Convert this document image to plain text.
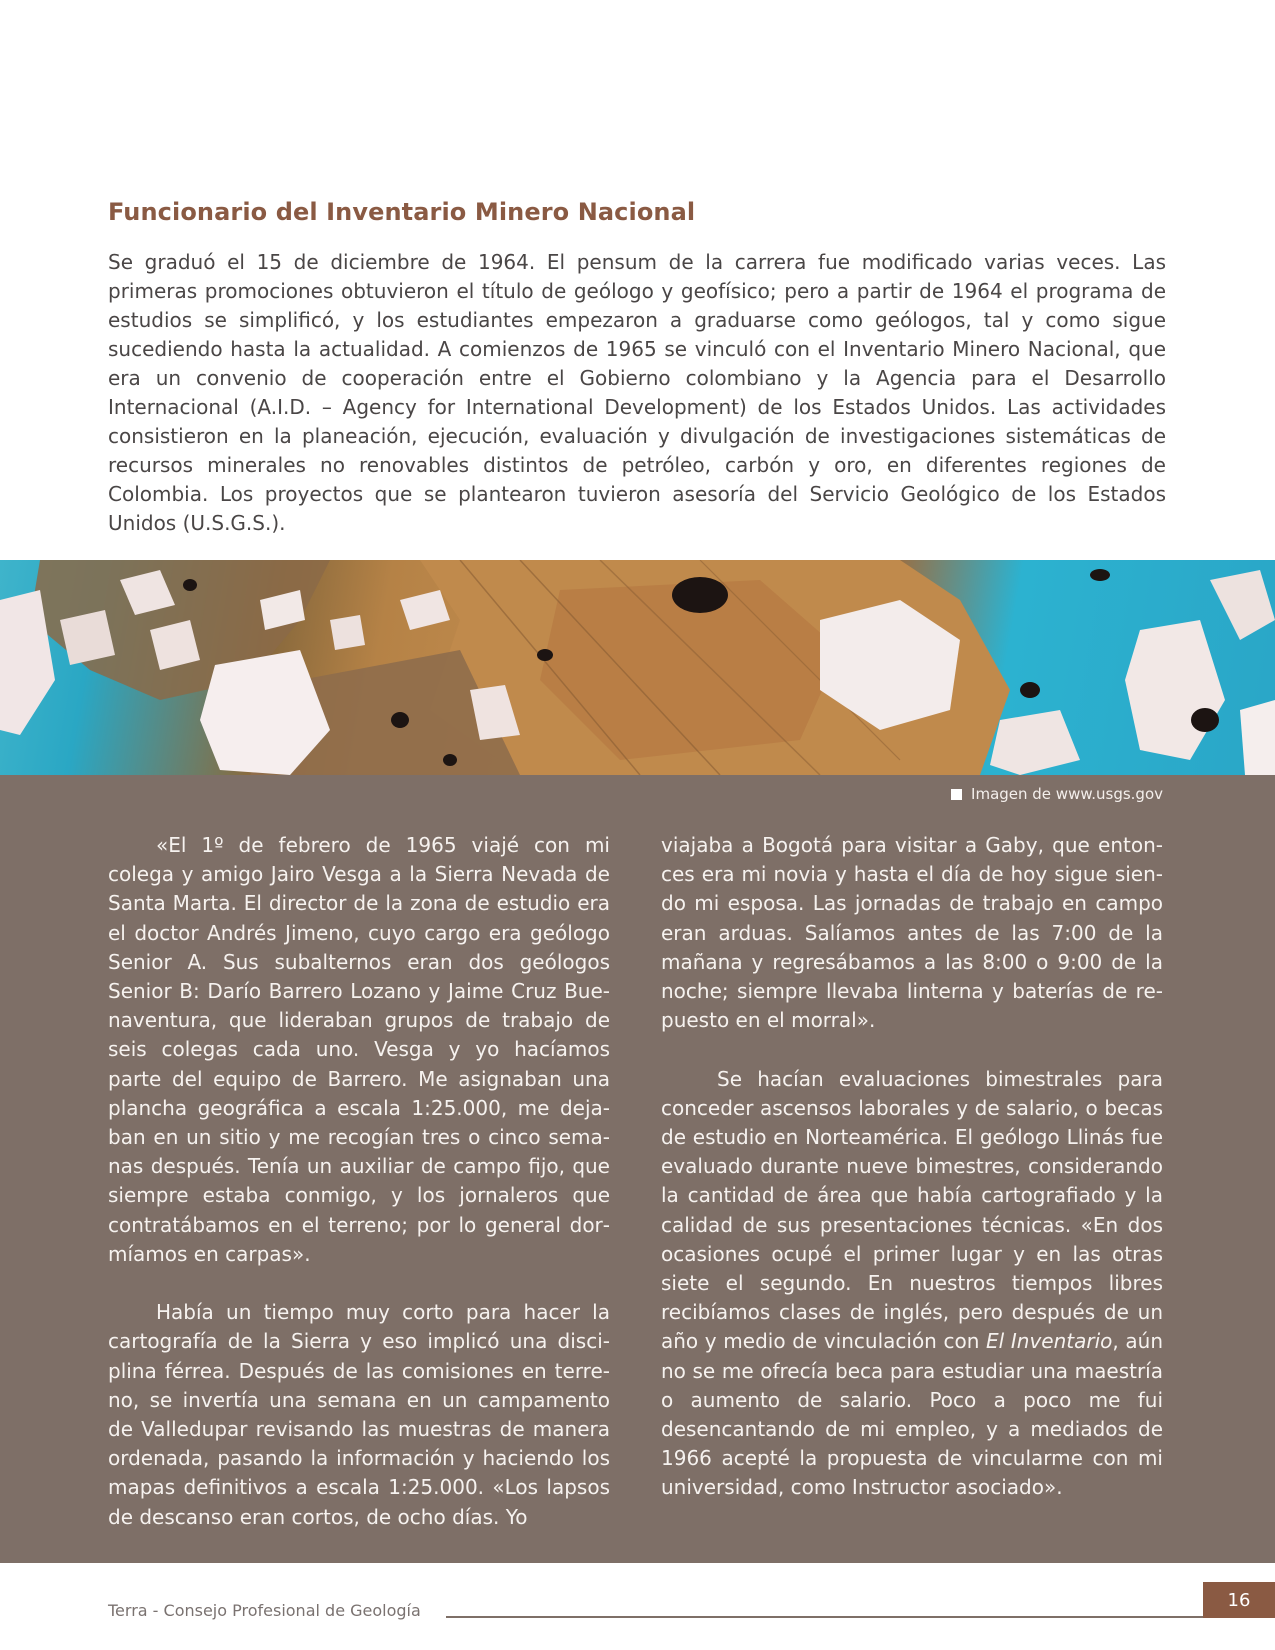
Funcionario del Inventario Minero Nacional

Se graduó el 15 de diciembre de 1964. El pensum de la carrera fue modificado varias veces. Las primeras promociones obtuvieron el título de geólogo y geofísico; pero a partir de 1964 el programa de estudios se simplificó, y los estudiantes empezaron a graduarse como geólogos, tal y como sigue sucediendo hasta la actualidad. A comienzos de 1965 se vinculó con el Inventario Minero Nacional, que era un convenio de cooperación entre el Gobierno colombiano y la Agencia para el Desarrollo Internacional (A.I.D. – Agency for International Development) de los Estados Unidos. Las actividades consistieron en la planeación, ejecución, evaluación y divulgación de investigaciones sistemáticas de recursos minerales no renovables distintos de petróleo, carbón y oro, en diferentes regiones de Colombia. Los proyectos que se plantearon tuvieron asesoría del Servicio Geológico de los Estados Unidos (U.S.G.S.).

Imagen de www.usgs.gov

«El 1º de febrero de 1965 viajé con mi colega y amigo Jairo Vesga a la Sierra Nevada de Santa Marta. El director de la zona de estudio era el doctor Andrés Jimeno, cuyo cargo era geólogo Senior A. Sus subalternos eran dos geólogos Senior B: Darío Barrero Lozano y Jaime Cruz Bue- naventura, que lideraban grupos de trabajo de seis colegas cada uno. Vesga y yo hacíamos parte del equipo de Barrero. Me asignaban una plancha geográfica a escala 1:25.000, me dejaban en un sitio y me recogían tres o cinco semanas después. Tenía un auxiliar de campo fijo, que siempre estaba conmigo, y los jornaleros que contratábamos en el terreno; por lo general dormíamos en carpas».

Había un tiempo muy corto para hacer la cartografía de la Sierra y eso implicó una disciplina férrea. Después de las comisiones en terreno, se invertía una semana en un campamento de Valledupar revisando las muestras de manera ordenada, pasando la información y haciendo los mapas definitivos a escala 1:25.000. «Los lapsos de descanso eran cortos, de ocho días. Yo

viajaba a Bogotá para visitar a Gaby, que entonces era mi novia y hasta el día de hoy sigue siendo mi esposa. Las jornadas de trabajo en campo eran arduas. Salíamos antes de las 7:00 de la mañana y regresábamos a las 8:00 o 9:00 de la noche; siempre llevaba linterna y baterías de repuesto en el morral».

Se hacían evaluaciones bimestrales para conceder ascensos laborales y de salario, o becas de estudio en Norteamérica. El geólogo Llinás fue evaluado durante nueve bimestres, considerando la cantidad de área que había cartografiado y la calidad de sus presentaciones técnicas. «En dos ocasiones ocupé el primer lugar y en las otras siete el segundo. En nuestros tiempos libres recibíamos clases de inglés, pero después de un año y medio de vinculación con El Inventario, aún no se me ofrecía beca para estudiar una maestría o aumento de salario. Poco a poco me fui desencantando de mi empleo, y a mediados de 1966 acepté la propuesta de vincularme con mi universidad, como Instructor asociado».

Terra - Consejo Profesional de Geología	16
